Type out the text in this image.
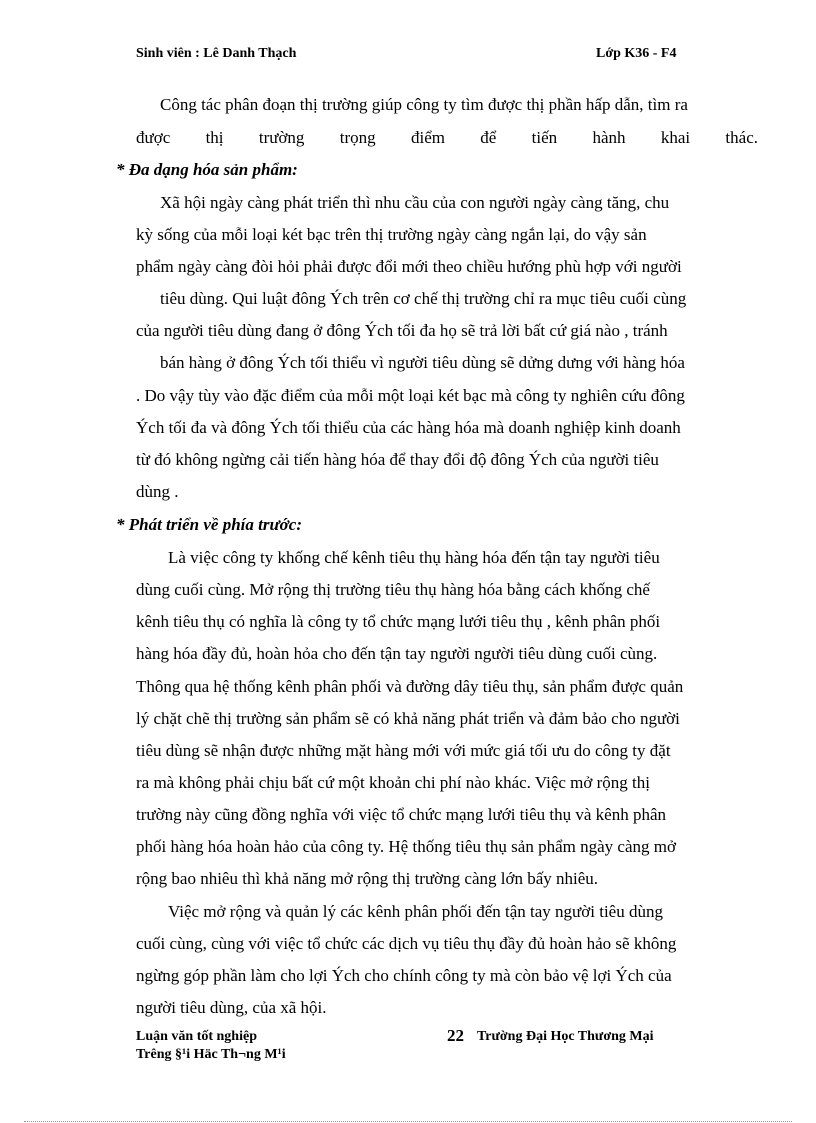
Sinh viên : Lê Danh Thạch	Lớp K36 - F4
Công tác phân đoạn thị trường giúp công ty tìm được thị phần hấp dẫn, tìm ra
được thị trường trọng điểm để tiến hành khai thác.
* Đa dạng hóa sản phẩm:
Xã hội ngày càng phát triển thì nhu cầu của con người ngày càng tăng, chu
kỳ sống của mỗi loại két bạc trên thị trường ngày càng ngắn lại, do vậy sản
phẩm ngày càng đòi hỏi phải được đổi mới theo chiều hướng phù hợp với người
tiêu dùng. Qui luật đông Ých trên cơ chế thị trường chỉ ra mục tiêu cuối cùng
của người tiêu dùng đang ở đông Ých tối đa họ sẽ trả lời bất cứ giá nào , tránh
bán hàng ở đông Ých tối thiểu vì người tiêu dùng sẽ dửng dưng với hàng hóa
. Do vậy tùy vào đặc điểm của mỗi một loại két bạc mà công ty nghiên cứu đông
Ých tối đa và đông Ých tối thiểu của các hàng hóa mà doanh nghiệp kinh doanh
từ đó không ngừng cải tiến hàng hóa để thay đổi độ đông Ých của người tiêu
dùng .
* Phát triển về phía trước:
Là việc công ty khống chế kênh tiêu thụ hàng hóa đến tận tay người tiêu
dùng cuối cùng. Mở rộng thị trường tiêu thụ hàng hóa bằng cách khống chế
kênh tiêu thụ có nghĩa là công ty tổ chức mạng lưới tiêu thụ , kênh phân phối
hàng hóa đầy đủ, hoàn hỏa cho đến tận tay người người tiêu dùng cuối cùng.
Thông qua hệ thống kênh phân phối và đường dây tiêu thụ, sản phẩm được quản
lý chặt chẽ thị trường sản phẩm sẽ có khả năng phát triển và đảm bảo cho người
tiêu dùng sẽ nhận được những mặt hàng mới với mức giá tối ưu do công ty đặt
ra mà không phải chịu bất cứ một khoản chi phí nào khác. Việc mở rộng thị
trường này cũng đồng nghĩa với việc tổ chức mạng lưới tiêu thụ và kênh phân
phối hàng hóa hoàn hảo của công ty. Hệ thống tiêu thụ sản phẩm ngày càng mở
rộng bao nhiêu thì khả năng mở rộng thị trường càng lớn bấy nhiêu.
Việc mở rộng và quản lý các kênh phân phối đến tận tay người tiêu dùng
cuối cùng, cùng với việc tổ chức các dịch vụ tiêu thụ đầy đủ hoàn hảo sẽ không
ngừng góp phần làm cho lợi Ých cho chính công ty mà còn bảo vệ lợi Ých của
người tiêu dùng, của xã hội.
Luận văn tốt nghiệp
Trêng §¹i Häc Th¬ng M¹i
22 Trường Đại Học Thương Mại
